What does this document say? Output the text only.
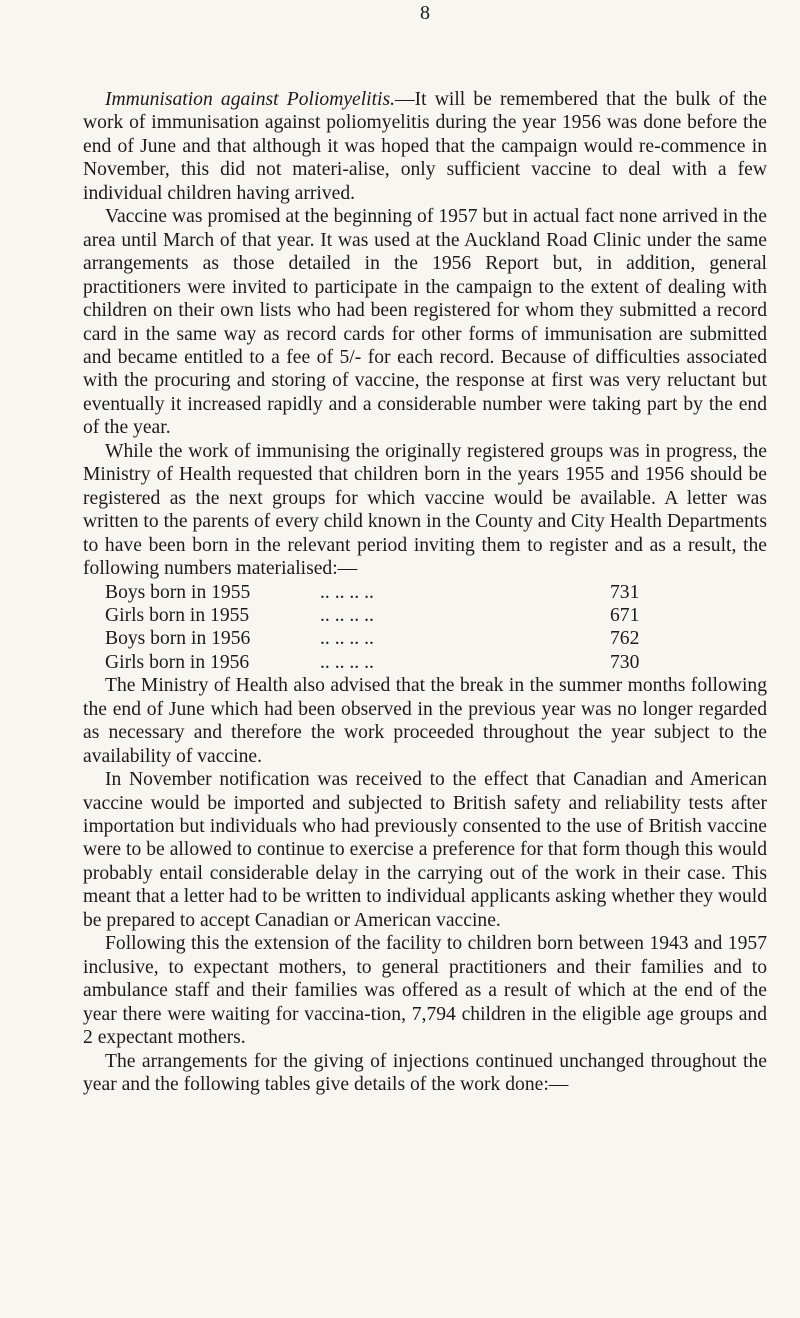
8

Immunisation against Poliomyelitis.—It will be remembered that the bulk of the work of immunisation against poliomyelitis during the year 1956 was done before the end of June and that although it was hoped that the campaign would re-commence in November, this did not materi-alise, only sufficient vaccine to deal with a few individual children having arrived.

Vaccine was promised at the beginning of 1957 but in actual fact none arrived in the area until March of that year. It was used at the Auckland Road Clinic under the same arrangements as those detailed in the 1956 Report but, in addition, general practitioners were invited to participate in the campaign to the extent of dealing with children on their own lists who had been registered for whom they submitted a record card in the same way as record cards for other forms of immunisation are submitted and became entitled to a fee of 5/- for each record. Because of difficulties associated with the procuring and storing of vaccine, the response at first was very reluctant but eventually it increased rapidly and a considerable number were taking part by the end of the year.

While the work of immunising the originally registered groups was in progress, the Ministry of Health requested that children born in the years 1955 and 1956 should be registered as the next groups for which vaccine would be available. A letter was written to the parents of every child known in the County and City Health Departments to have been born in the relevant period inviting them to register and as a result, the following numbers materialised:—

Boys born in 1955	.. .. .. ..	731
Girls born in 1955	.. .. .. ..	671
Boys born in 1956	.. .. .. ..	762
Girls born in 1956	.. .. .. ..	730

The Ministry of Health also advised that the break in the summer months following the end of June which had been observed in the previous year was no longer regarded as necessary and therefore the work proceeded throughout the year subject to the availability of vaccine.

In November notification was received to the effect that Canadian and American vaccine would be imported and subjected to British safety and reliability tests after importation but individuals who had previously consented to the use of British vaccine were to be allowed to continue to exercise a preference for that form though this would probably entail considerable delay in the carrying out of the work in their case. This meant that a letter had to be written to individual applicants asking whether they would be prepared to accept Canadian or American vaccine.

Following this the extension of the facility to children born between 1943 and 1957 inclusive, to expectant mothers, to general practitioners and their families and to ambulance staff and their families was offered as a result of which at the end of the year there were waiting for vaccina-tion, 7,794 children in the eligible age groups and 2 expectant mothers.

The arrangements for the giving of injections continued unchanged throughout the year and the following tables give details of the work done:—
